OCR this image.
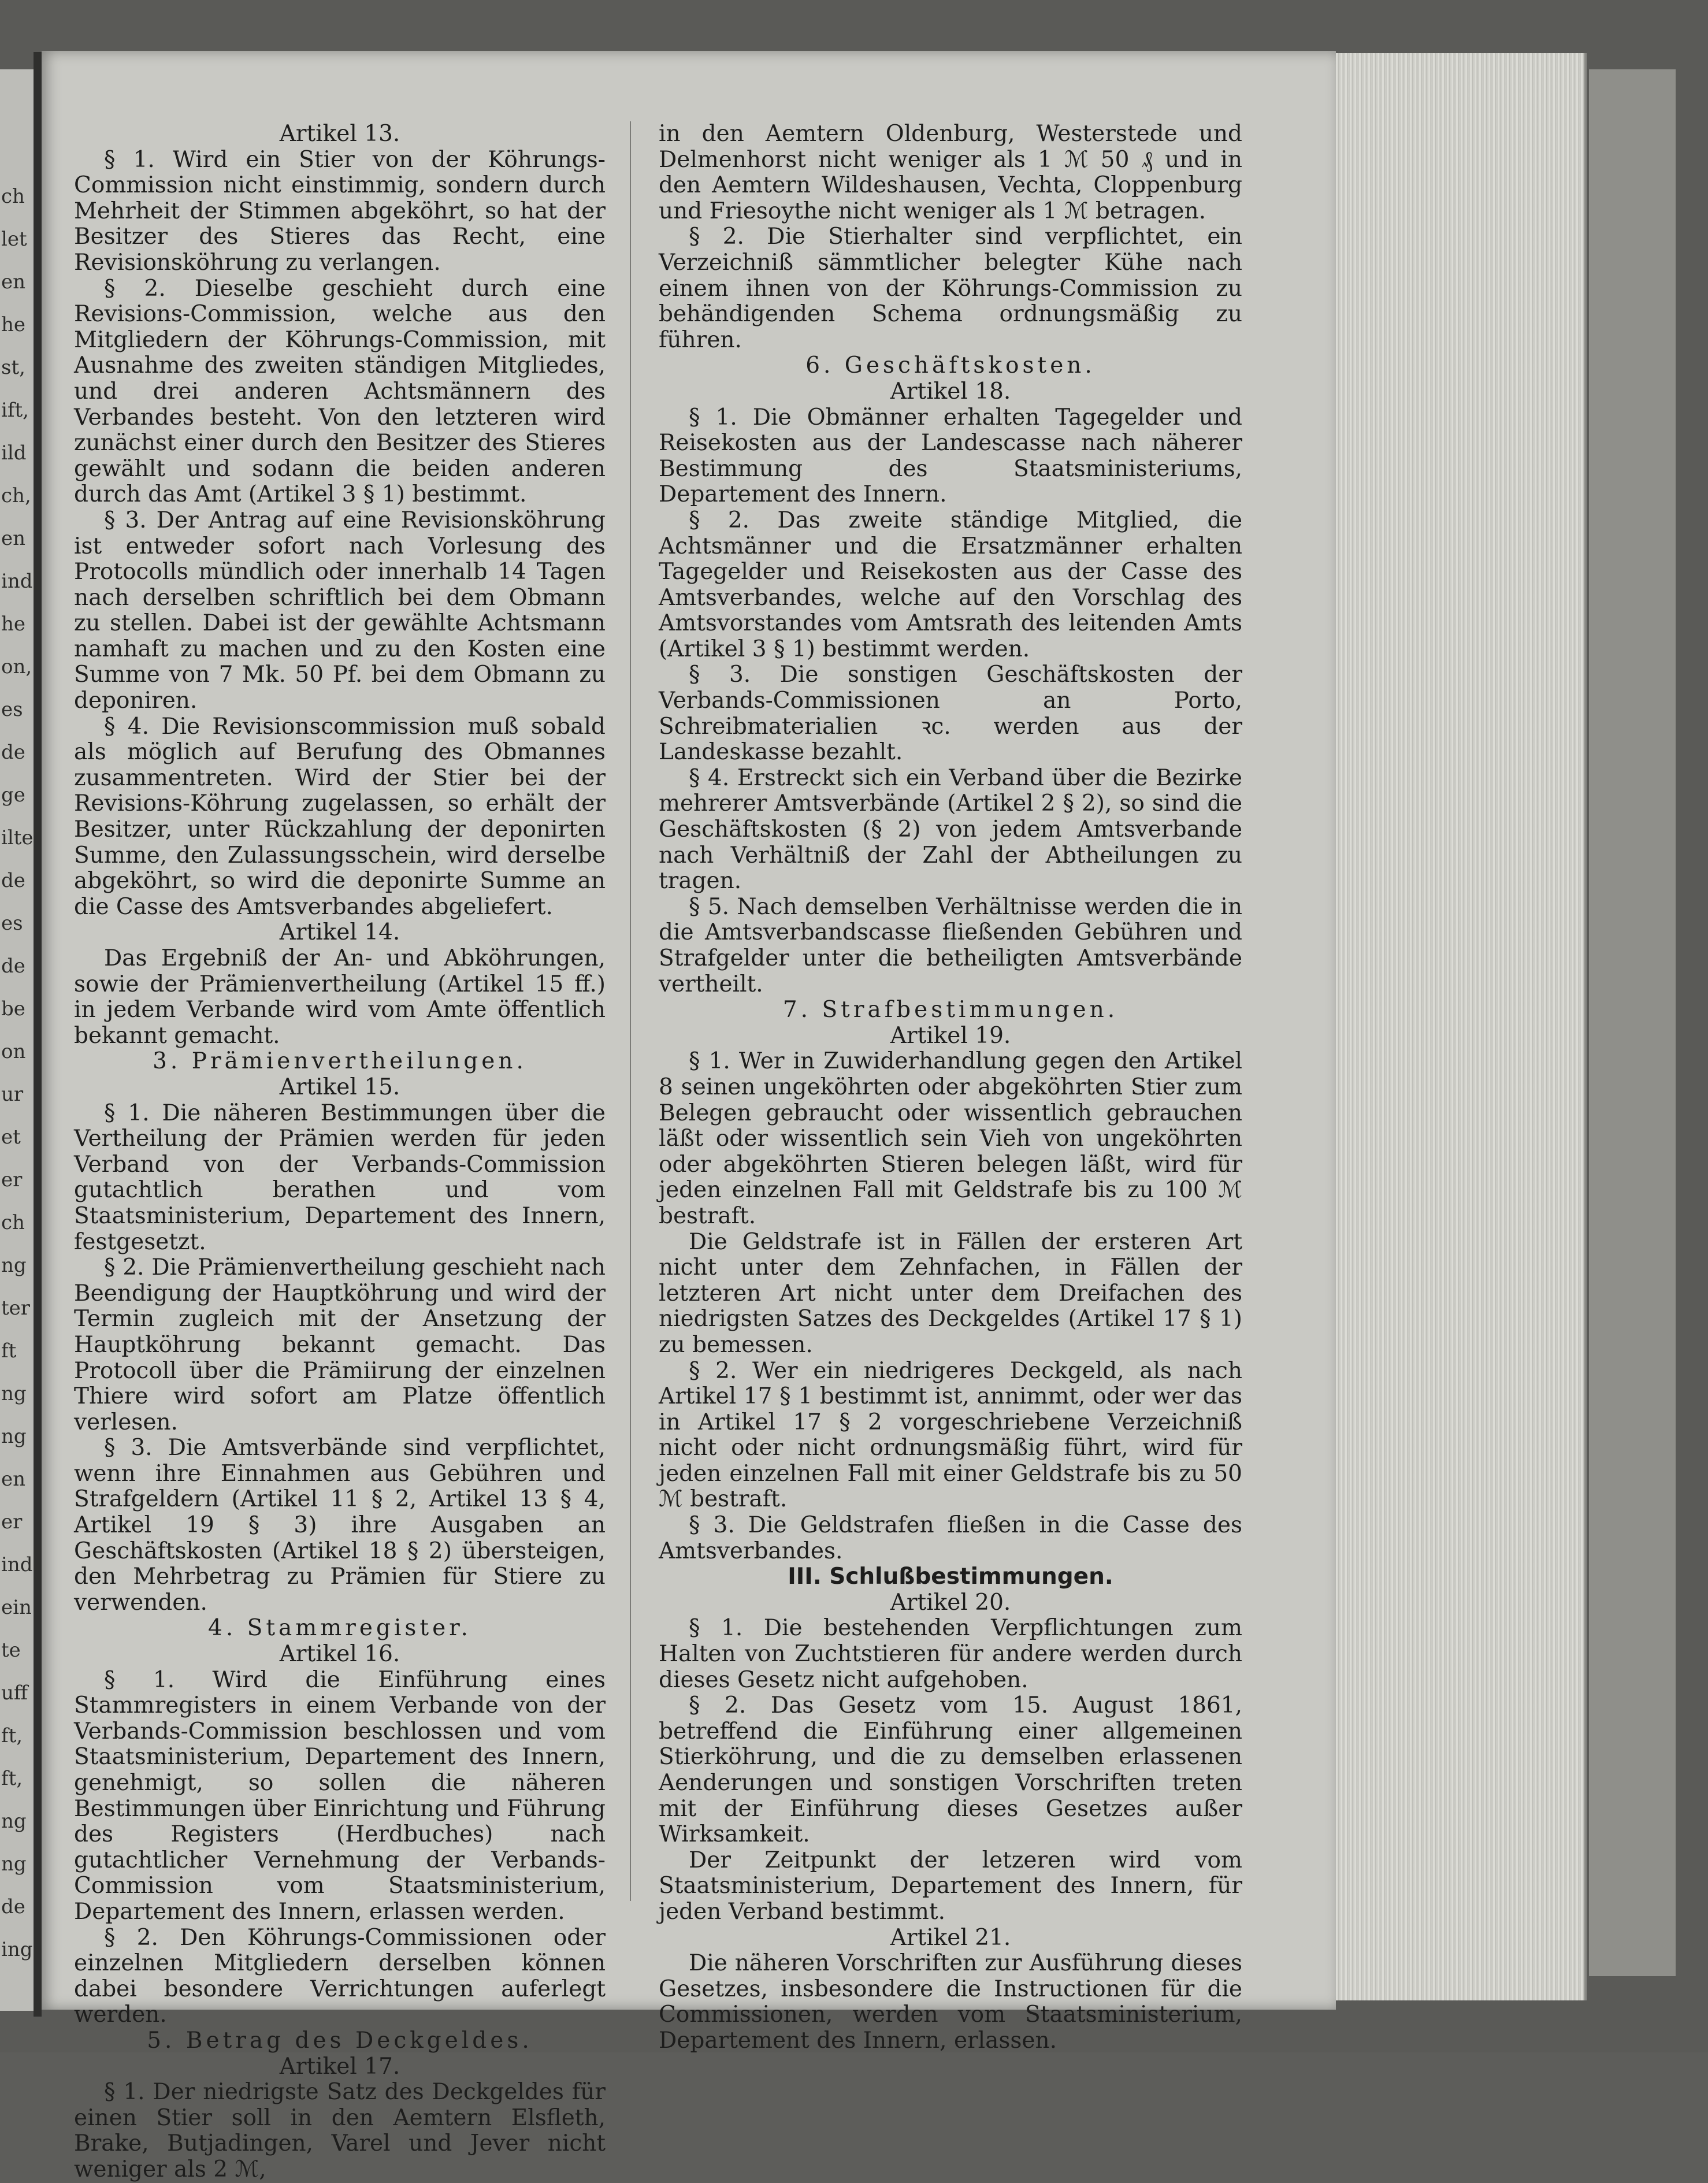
ch
let
en
he
st,
ift,
ild
ch,
en
ind
he
on,
es
de
ge
ilte
de
es
de
be
on
ur
et
er
ch
ng
ter
ft
ng
ng
en
er
ind
ein
te
uff
ft,
ft,
ng
ng
de
ing
Artikel 13.

§ 1. Wird ein Stier von der Köhrungs-Commission nicht einstimmig, sondern durch Mehrheit der Stimmen abgeköhrt, so hat der Besitzer des Stieres das Recht, eine Revisionsköhrung zu verlangen.

§ 2. Dieselbe geschieht durch eine Revisions-Commission, welche aus den Mitgliedern der Köhrungs-Commission, mit Ausnahme des zweiten ständigen Mitgliedes, und drei anderen Achtsmännern des Verbandes besteht. Von den letzteren wird zunächst einer durch den Besitzer des Stieres gewählt und sodann die beiden anderen durch das Amt (Artikel 3 § 1) bestimmt.

§ 3. Der Antrag auf eine Revisionsköhrung ist entweder sofort nach Vorlesung des Protocolls mündlich oder innerhalb 14 Tagen nach derselben schriftlich bei dem Obmann zu stellen. Dabei ist der gewählte Achtsmann namhaft zu machen und zu den Kosten eine Summe von 7 Mk. 50 Pf. bei dem Obmann zu deponiren.

§ 4. Die Revisionscommission muß sobald als möglich auf Berufung des Obmannes zusammentreten. Wird der Stier bei der Revisions-Köhrung zugelassen, so erhält der Besitzer, unter Rückzahlung der deponirten Summe, den Zulassungsschein, wird derselbe abgeköhrt, so wird die deponirte Summe an die Casse des Amtsverbandes abgeliefert.

Artikel 14.

Das Ergebniß der An- und Abköhrungen, sowie der Prämienvertheilung (Artikel 15 ff.) in jedem Verbande wird vom Amte öffentlich bekannt gemacht.

3. Prämienvertheilungen.
Artikel 15.

§ 1. Die näheren Bestimmungen über die Vertheilung der Prämien werden für jeden Verband von der Verbands-Commission gutachtlich berathen und vom Staatsministerium, Departement des Innern, festgesetzt.

§ 2. Die Prämienvertheilung geschieht nach Beendigung der Hauptköhrung und wird der Termin zugleich mit der Ansetzung der Hauptköhrung bekannt gemacht. Das Protocoll über die Prämiirung der einzelnen Thiere wird sofort am Platze öffentlich verlesen.

§ 3. Die Amtsverbände sind verpflichtet, wenn ihre Einnahmen aus Gebühren und Strafgeldern (Artikel 11 § 2, Artikel 13 § 4, Artikel 19 § 3) ihre Ausgaben an Geschäftskosten (Artikel 18 § 2) übersteigen, den Mehrbetrag zu Prämien für Stiere zu verwenden.

4. Stammregister.
Artikel 16.

§ 1. Wird die Einführung eines Stammregisters in einem Verbande von der Verbands-Commission beschlossen und vom Staatsministerium, Departement des Innern, genehmigt, so sollen die näheren Bestimmungen über Einrichtung und Führung des Registers (Herdbuches) nach gutachtlicher Vernehmung der Verbands-Commission vom Staatsministerium, Departement des Innern, erlassen werden.

§ 2. Den Köhrungs-Commissionen oder einzelnen Mitgliedern derselben können dabei besondere Verrichtungen auferlegt werden.

5. Betrag des Deckgeldes.
Artikel 17.

§ 1. Der niedrigste Satz des Deckgeldes für einen Stier soll in den Aemtern Elsfleth, Brake, Butjadingen, Varel und Jever nicht weniger als 2 ℳ,

in den Aemtern Oldenburg, Westerstede und Delmenhorst nicht weniger als 1 ℳ 50 ₰ und in den Aemtern Wildeshausen, Vechta, Cloppenburg und Friesoythe nicht weniger als 1 ℳ betragen.

§ 2. Die Stierhalter sind verpflichtet, ein Verzeichniß sämmtlicher belegter Kühe nach einem ihnen von der Köhrungs-Commission zu behändigenden Schema ordnungsmäßig zu führen.

6. Geschäftskosten.
Artikel 18.

§ 1. Die Obmänner erhalten Tagegelder und Reisekosten aus der Landescasse nach näherer Bestimmung des Staatsministeriums, Departement des Innern.

§ 2. Das zweite ständige Mitglied, die Achtsmänner und die Ersatzmänner erhalten Tagegelder und Reisekosten aus der Casse des Amtsverbandes, welche auf den Vorschlag des Amtsvorstandes vom Amtsrath des leitenden Amts (Artikel 3 § 1) bestimmt werden.

§ 3. Die sonstigen Geschäftskosten der Verbands-Commissionen an Porto, Schreibmaterialien ꝛc. werden aus der Landeskasse bezahlt.

§ 4. Erstreckt sich ein Verband über die Bezirke mehrerer Amtsverbände (Artikel 2 § 2), so sind die Geschäftskosten (§ 2) von jedem Amtsverbande nach Verhältniß der Zahl der Abtheilungen zu tragen.

§ 5. Nach demselben Verhältnisse werden die in die Amtsverbandscasse fließenden Gebühren und Strafgelder unter die betheiligten Amtsverbände vertheilt.

7. Strafbestimmungen.
Artikel 19.

§ 1. Wer in Zuwiderhandlung gegen den Artikel 8 seinen ungeköhrten oder abgeköhrten Stier zum Belegen gebraucht oder wissentlich gebrauchen läßt oder wissentlich sein Vieh von ungeköhrten oder abgeköhrten Stieren belegen läßt, wird für jeden einzelnen Fall mit Geldstrafe bis zu 100 ℳ bestraft.

Die Geldstrafe ist in Fällen der ersteren Art nicht unter dem Zehnfachen, in Fällen der letzteren Art nicht unter dem Dreifachen des niedrigsten Satzes des Deckgeldes (Artikel 17 § 1) zu bemessen.

§ 2. Wer ein niedrigeres Deckgeld, als nach Artikel 17 § 1 bestimmt ist, annimmt, oder wer das in Artikel 17 § 2 vorgeschriebene Verzeichniß nicht oder nicht ordnungsmäßig führt, wird für jeden einzelnen Fall mit einer Geldstrafe bis zu 50 ℳ bestraft.

§ 3. Die Geldstrafen fließen in die Casse des Amtsverbandes.

III. Schlußbestimmungen.
Artikel 20.

§ 1. Die bestehenden Verpflichtungen zum Halten von Zuchtstieren für andere werden durch dieses Gesetz nicht aufgehoben.

§ 2. Das Gesetz vom 15. August 1861, betreffend die Einführung einer allgemeinen Stierköhrung, und die zu demselben erlassenen Aenderungen und sonstigen Vorschriften treten mit der Einführung dieses Gesetzes außer Wirksamkeit.

Der Zeitpunkt der letzeren wird vom Staatsministerium, Departement des Innern, für jeden Verband bestimmt.

Artikel 21.

Die näheren Vorschriften zur Ausführung dieses Gesetzes, insbesondere die Instructionen für die Commissionen, werden vom Staatsministerium, Departement des Innern, erlassen.
